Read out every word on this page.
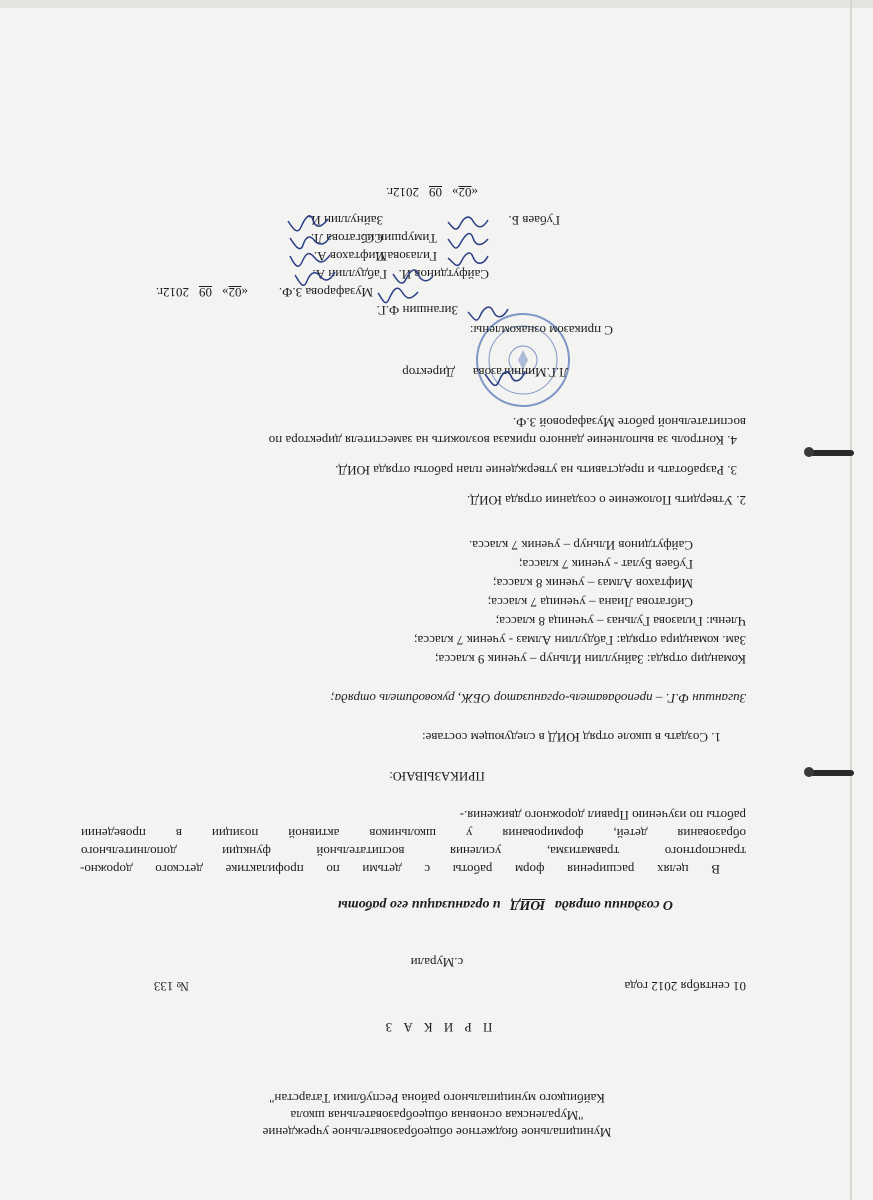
Муниципальное бюджетное общеобразовательное учреждение
"Мураленская основная общеобразовательная школа
Кайбицкого муниципального района Республики Татарстан"
П Р И К А З
01 сентября 2012 года
№ 133
с.Мурали
О создании отряда ЮИД и организации его работы
В целях расширения форм работы с детьми по профилактике детского дорожно-
транспортного травматизма, усиления воспитательной функции дополнительного
образования детей, формирования у школьников активной позиции в проведении
работы по изучению Правил дорожного движения.-
ПРИКАЗЫВАЮ:
1. Создать в школе отряд ЮИД в следующем составе:
Зиганшин Ф.Г. – преподаватель-организатор ОБЖ, руководитель отряда;
Командир отряда: Зайнуллин Ильнур – ученик 9 класса;
Зам. командира отряда: Габдуллин Алмаз - ученик 7 класса;
Члены: Гилазова Гульназ – ученица 8 класса;
Сибгатова Лиана – ученица 7 класса;
Мифтахов Алмаз – ученик 8 класса;
Губаев Булат - ученик 7 класса;
Сайфутдинов Ильнур – ученик 7 класса.
2. Утвердить Положение о создании отряда ЮИД.
3. Разработать и представить на утверждение план работы отряда ЮИД.
4. Контроль за выполнение данного приказа возложить на заместителя директора по
воспитательной работе Музафаровой З.Ф.
Л.Г.Миннигазова
Директор
С приказом ознакомлены:
Зиганшин Ф.Г.
Музафарова З.Ф.
Габдуллин А.
Мифтахов А.
Сибгатова Л.
Зайнуллин И.
Сайфутдинов И.
Гилазова Г.
Тимуршин С.
Губаев Б.
«02»092012г.
«02»092012г.
